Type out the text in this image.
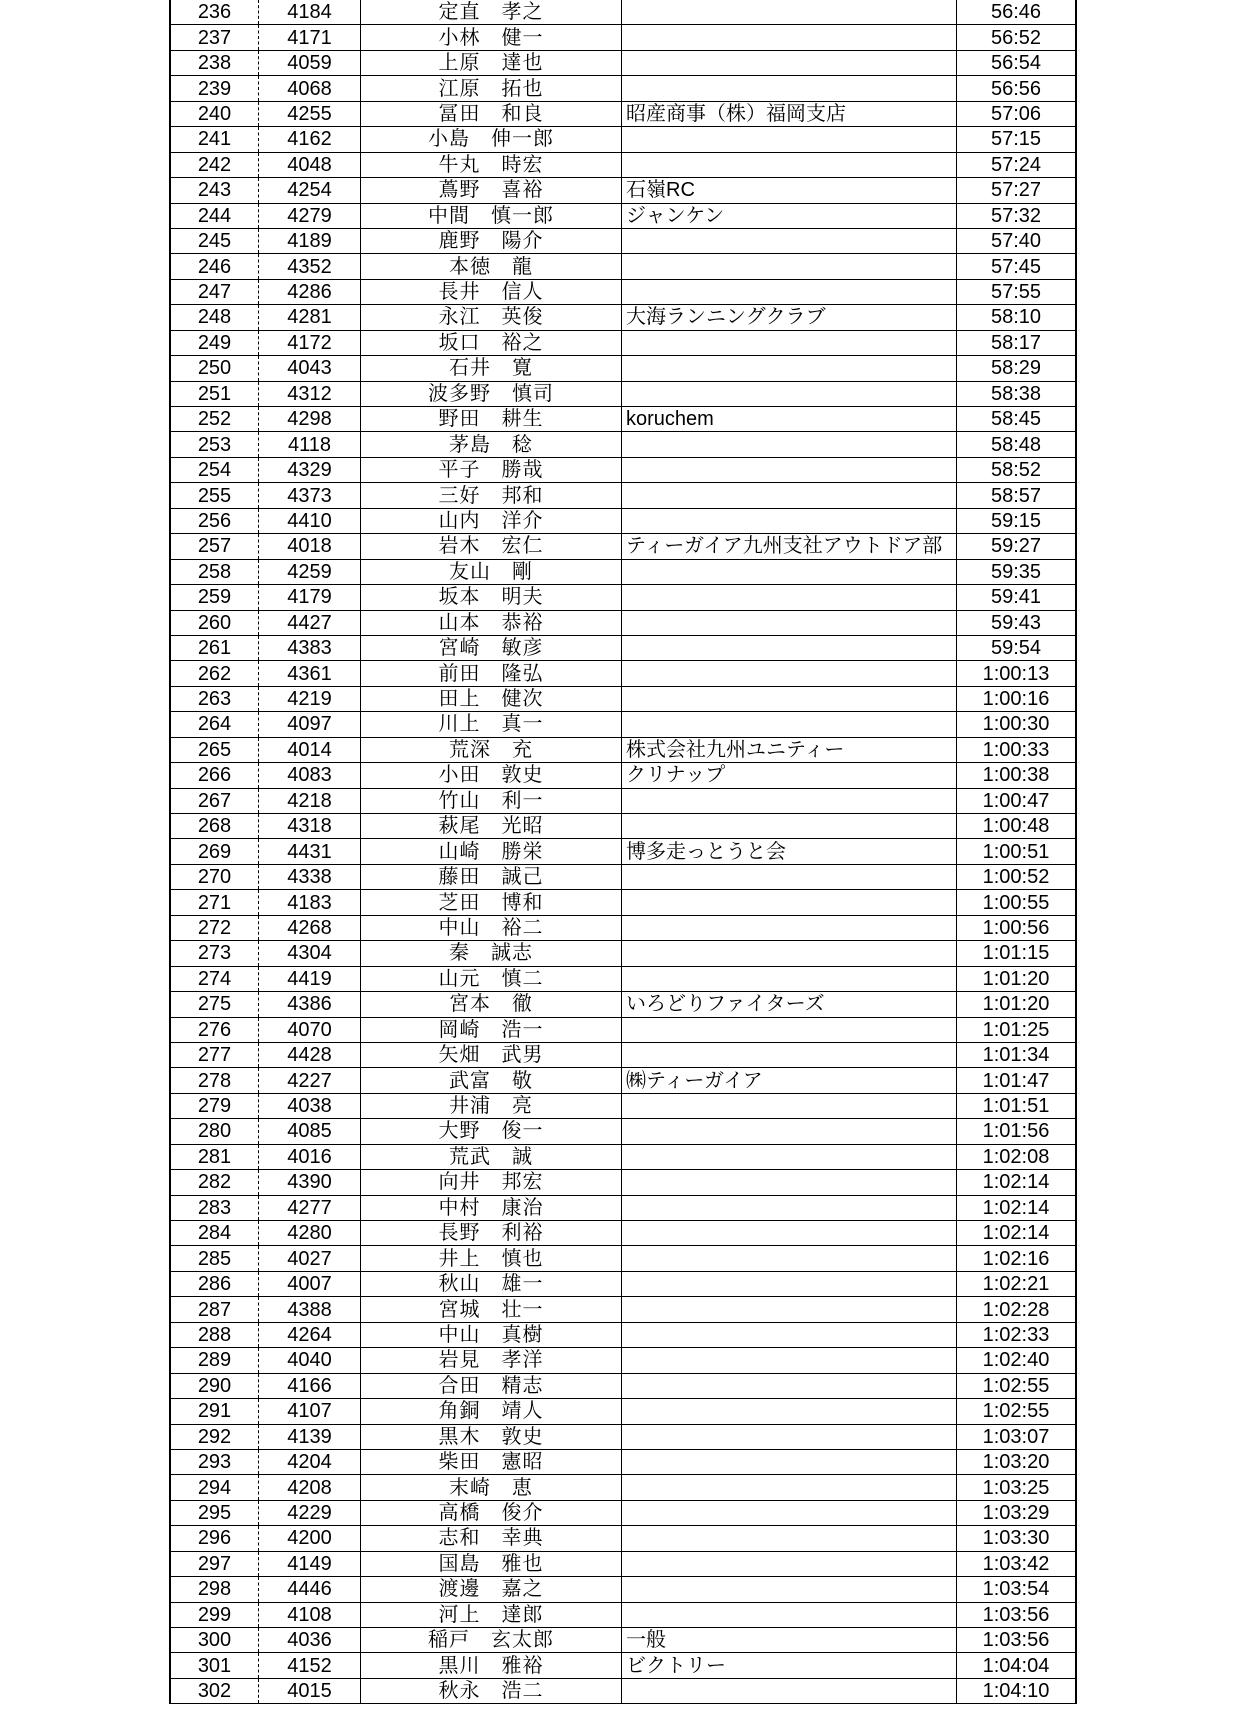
236	4184	定直　孝之		56:46
237	4171	小林　健一		56:52
238	4059	上原　達也		56:54
239	4068	江原　拓也		56:56
240	4255	冨田　和良	昭産商事（株）福岡支店	57:06
241	4162	小島　伸一郎		57:15
242	4048	牛丸　時宏		57:24
243	4254	蔦野　喜裕	石嶺RC	57:27
244	4279	中間　慎一郎	ジャンケン	57:32
245	4189	鹿野　陽介		57:40
246	4352	本徳　龍		57:45
247	4286	長井　信人		57:55
248	4281	永江　英俊	大海ランニングクラブ	58:10
249	4172	坂口　裕之		58:17
250	4043	石井　寛		58:29
251	4312	波多野　慎司		58:38
252	4298	野田　耕生	koruchem	58:45
253	4118	茅島　稔		58:48
254	4329	平子　勝哉		58:52
255	4373	三好　邦和		58:57
256	4410	山内　洋介		59:15
257	4018	岩木　宏仁	ティーガイア九州支社アウトドア部	59:27
258	4259	友山　剛		59:35
259	4179	坂本　明夫		59:41
260	4427	山本　恭裕		59:43
261	4383	宮崎　敏彦		59:54
262	4361	前田　隆弘		1:00:13
263	4219	田上　健次		1:00:16
264	4097	川上　真一		1:00:30
265	4014	荒深　充	株式会社九州ユニティー	1:00:33
266	4083	小田　敦史	クリナップ	1:00:38
267	4218	竹山　利一		1:00:47
268	4318	萩尾　光昭		1:00:48
269	4431	山崎　勝栄	博多走っとうと会	1:00:51
270	4338	藤田　誠己		1:00:52
271	4183	芝田　博和		1:00:55
272	4268	中山　裕二		1:00:56
273	4304	秦　誠志		1:01:15
274	4419	山元　慎二		1:01:20
275	4386	宮本　徹	いろどりファイターズ	1:01:20
276	4070	岡崎　浩一		1:01:25
277	4428	矢畑　武男		1:01:34
278	4227	武富　敬	㈱ティーガイア	1:01:47
279	4038	井浦　亮		1:01:51
280	4085	大野　俊一		1:01:56
281	4016	荒武　誠		1:02:08
282	4390	向井　邦宏		1:02:14
283	4277	中村　康治		1:02:14
284	4280	長野　利裕		1:02:14
285	4027	井上　慎也		1:02:16
286	4007	秋山　雄一		1:02:21
287	4388	宮城　壮一		1:02:28
288	4264	中山　真樹		1:02:33
289	4040	岩見　孝洋		1:02:40
290	4166	合田　精志		1:02:55
291	4107	角銅　靖人		1:02:55
292	4139	黒木　敦史		1:03:07
293	4204	柴田　憲昭		1:03:20
294	4208	末崎　恵		1:03:25
295	4229	高橋　俊介		1:03:29
296	4200	志和　幸典		1:03:30
297	4149	国島　雅也		1:03:42
298	4446	渡邊　嘉之		1:03:54
299	4108	河上　達郎		1:03:56
300	4036	稲戸　玄太郎	一般	1:03:56
301	4152	黒川　雅裕	ビクトリー	1:04:04
302	4015	秋永　浩二		1:04:10
